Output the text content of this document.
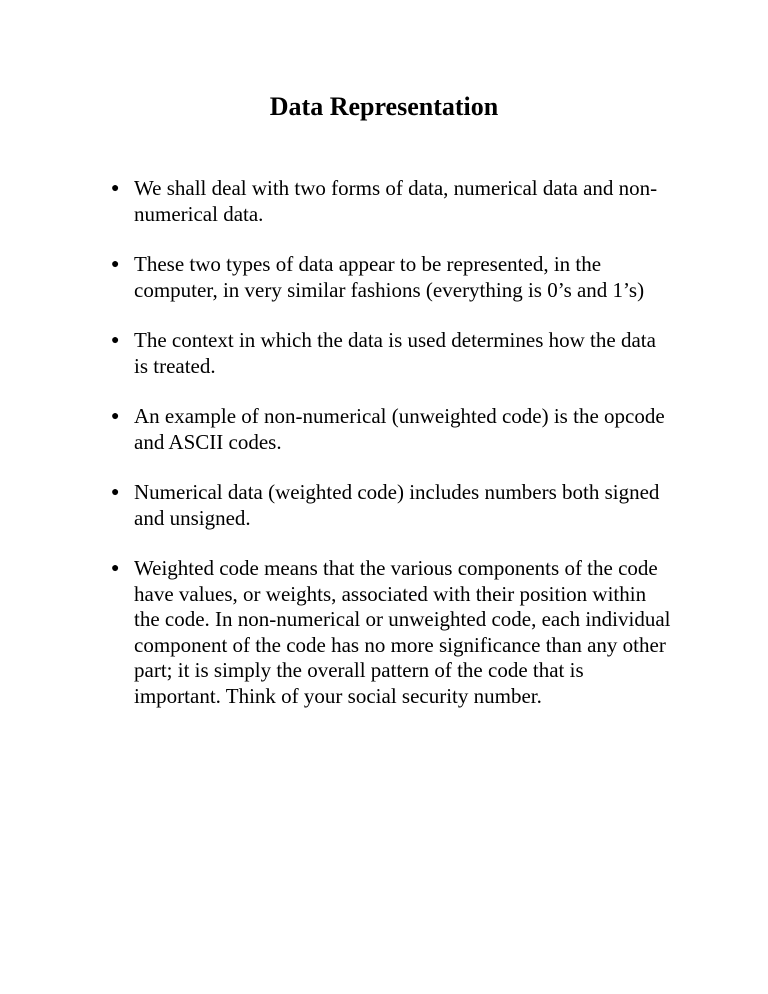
Data Representation
● We shall deal with two forms of data, numerical data and non-numerical data.
● These two types of data appear to be represented, in the computer, in very similar fashions (everything is 0’s and 1’s)
● The context in which the data is used determines how the data is treated.
● An example of non-numerical (unweighted code) is the opcode and ASCII codes.
● Numerical data (weighted code) includes numbers both signed and unsigned.
● Weighted code means that the various components of the code have values, or weights, associated with their position within the code. In non-numerical or unweighted code, each individual component of the code has no more significance than any other part; it is simply the overall pattern of the code that is important. Think of your social security number.
